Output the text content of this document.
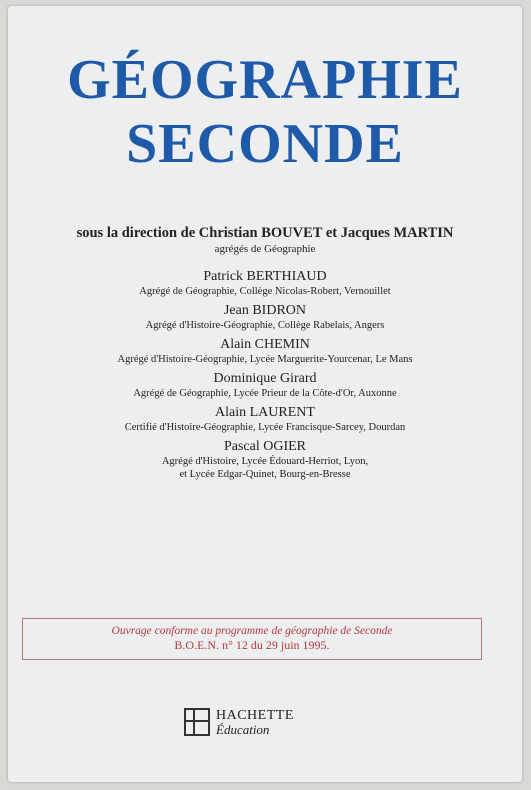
GÉOGRAPHIE
SECONDE
sous la direction de Christian BOUVET et Jacques MARTIN
agrégés de Géographie
Patrick BERTHIAUD
Agrégé de Géographie, Collège Nicolas-Robert, Vernouillet
Jean BIDRON
Agrégé d'Histoire-Géographie, Collège Rabelais, Angers
Alain CHEMIN
Agrégé d'Histoire-Géographie, Lycée Marguerite-Yourcenar, Le Mans
Dominique Girard
Agrégé de Géographie, Lycée Prieur de la Côte-d'Or, Auxonne
Alain LAURENT
Certifié d'Histoire-Géographie, Lycée Francisque-Sarcey, Dourdan
Pascal OGIER
Agrégé d'Histoire, Lycée Édouard-Herriot, Lyon,
et Lycée Edgar-Quinet, Bourg-en-Bresse
Ouvrage conforme au programme de géographie de Seconde
B.O.E.N. n° 12 du 29 juin 1995.
HACHETTE
Éducation
